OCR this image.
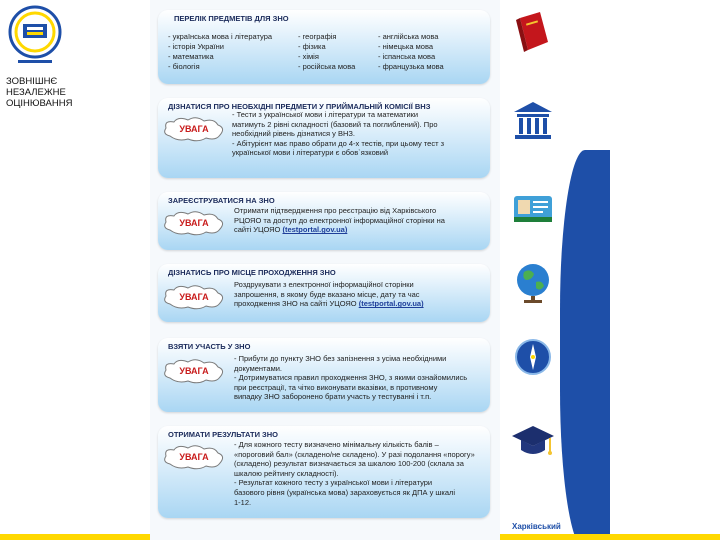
ЗОВНІШНЄ
НЕЗАЛЕЖНЕ
ОЦІНЮВАННЯ
ПЕРЕЛІК ПРЕДМЕТІВ ДЛЯ ЗНО
- українська мова і література	- географія	- англійська мова
- історія України	- фізика	- німецька мова
- математика	- хімія	- іспанська мова
- біологія	- російська мова	- французька мова
ДІЗНАТИСЯ ПРО НЕОБХІДНІ ПРЕДМЕТИ У ПРИЙМАЛЬНІЙ КОМІСІЇ ВНЗ
УВАГА
- Тести з української мови і літератури та математики
матимуть 2 рівні складності (базовий та поглиблений). Про
необхідний рівень дізнатися у ВНЗ.
- Абітурієнт має право обрати до 4-х тестів, при цьому тест з
української мови і літератури є обов`язковий
ЗАРЕЄСТРУВАТИСЯ НА ЗНО
УВАГА
Отримати підтвердження про реєстрацію від Харківського
РЦОЯО та доступ до електронної інформаційної сторінки на
сайті УЦОЯО (testportal.gov.ua)
ДІЗНАТИСЬ ПРО МІСЦЕ ПРОХОДЖЕННЯ ЗНО
УВАГА
Роздрукувати з електронної інформаційної сторінки
запрошення, в якому буде вказано місце, дату та час
проходження ЗНО на сайті УЦОЯО (testportal.gov.ua)
ВЗЯТИ УЧАСТЬ У ЗНО
УВАГА
- Прибути до пункту ЗНО без запізнення з усіма необхідними
документами.
- Дотримуватися правил проходження ЗНО, з якими ознайомились
при реєстрації, та чітко виконувати вказівки, в противному
випадку ЗНО заборонено брати участь у тестуванні і т.п.
ОТРИМАТИ РЕЗУЛЬТАТИ ЗНО
УВАГА
- Для кожного тесту визначено мінімальну кількість балів –
«пороговий бал» (складено/не складено). У разі подолання «порогу»
(складено) результат визначається за шкалою 100-200 (склала за
шкалою рейтингу складності).
- Результат кожного тесту з української мови і літератури
базового рівня (українська мова) зараховується як ДПА у шкалі
1-12.
Харківський
